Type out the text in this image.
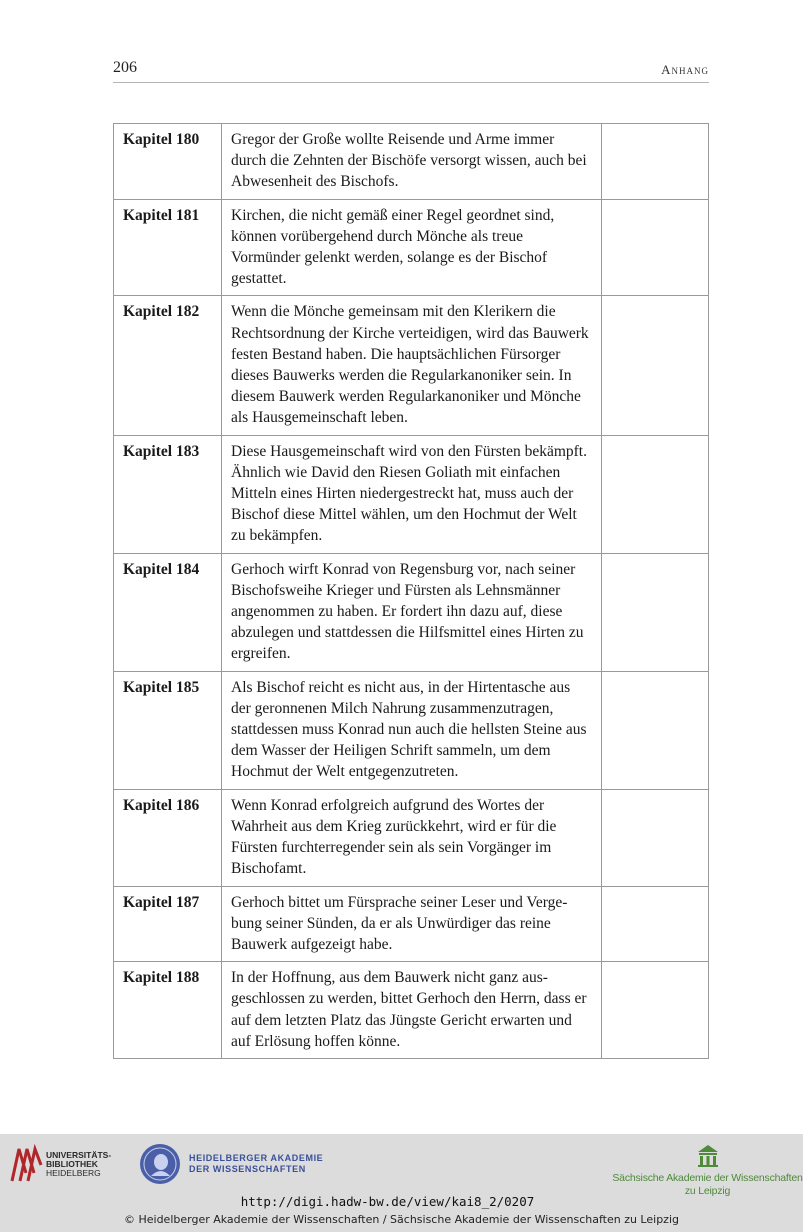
206	Anhang
Kapitel 180	Gregor der Große wollte Reisende und Arme immer durch die Zehnten der Bischöfe versorgt wissen, auch bei Abwesenheit des Bischofs.	
Kapitel 181	Kirchen, die nicht gemäß einer Regel geordnet sind, können vorübergehend durch Mönche als treue Vormünder gelenkt werden, solange es der Bischof gestattet.	
Kapitel 182	Wenn die Mönche gemeinsam mit den Klerikern die Rechtsordnung der Kirche verteidigen, wird das Bauwerk festen Bestand haben. Die hauptsächlichen Fürsorger dieses Bauwerks werden die Regularkanoniker sein. In diesem Bauwerk werden Regularkanoniker und Mönche als Hausgemeinschaft leben.	
Kapitel 183	Diese Hausgemeinschaft wird von den Fürsten bekämpft. Ähnlich wie David den Riesen Goliath mit einfachen Mitteln eines Hirten niedergestreckt hat, muss auch der Bischof diese Mittel wählen, um den Hochmut der Welt zu bekämpfen.	
Kapitel 184	Gerhoch wirft Konrad von Regensburg vor, nach seiner Bischofsweihe Krieger und Fürsten als Lehnsmänner angenommen zu haben. Er fordert ihn dazu auf, diese abzulegen und stattdessen die Hilfsmittel eines Hirten zu ergreifen.	
Kapitel 185	Als Bischof reicht es nicht aus, in der Hirtentasche aus der geronnenen Milch Nahrung zusammenzutragen, stattdessen muss Konrad nun auch die hellsten Steine aus dem Wasser der Heiligen Schrift sammeln, um dem Hochmut der Welt entgegenzutreten.	
Kapitel 186	Wenn Konrad erfolgreich aufgrund des Wortes der Wahrheit aus dem Krieg zurückkehrt, wird er für die Fürsten furchterregender sein als sein Vorgänger im Bischofamt.	
Kapitel 187	Gerhoch bittet um Fürsprache seiner Leser und Vergebung seiner Sünden, da er als Unwürdiger das reine Bauwerk aufgezeigt habe.	
Kapitel 188	In der Hoffnung, aus dem Bauwerk nicht ganz ausgeschlossen zu werden, bittet Gerhoch den Herrn, dass er auf dem letzten Platz das Jüngste Gericht erwarten und auf Erlösung hoffen könne.	
UNIVERSITÄTS-
BIBLIOTHEK
HEIDELBERG
HEIDELBERGER AKADEMIE
DER WISSENSCHAFTEN
Sächsische Akademie der Wissenschaften
zu Leipzig
http://digi.hadw-bw.de/view/kai8_2/0207
© Heidelberger Akademie der Wissenschaften / Sächsische Akademie der Wissenschaften zu Leipzig
